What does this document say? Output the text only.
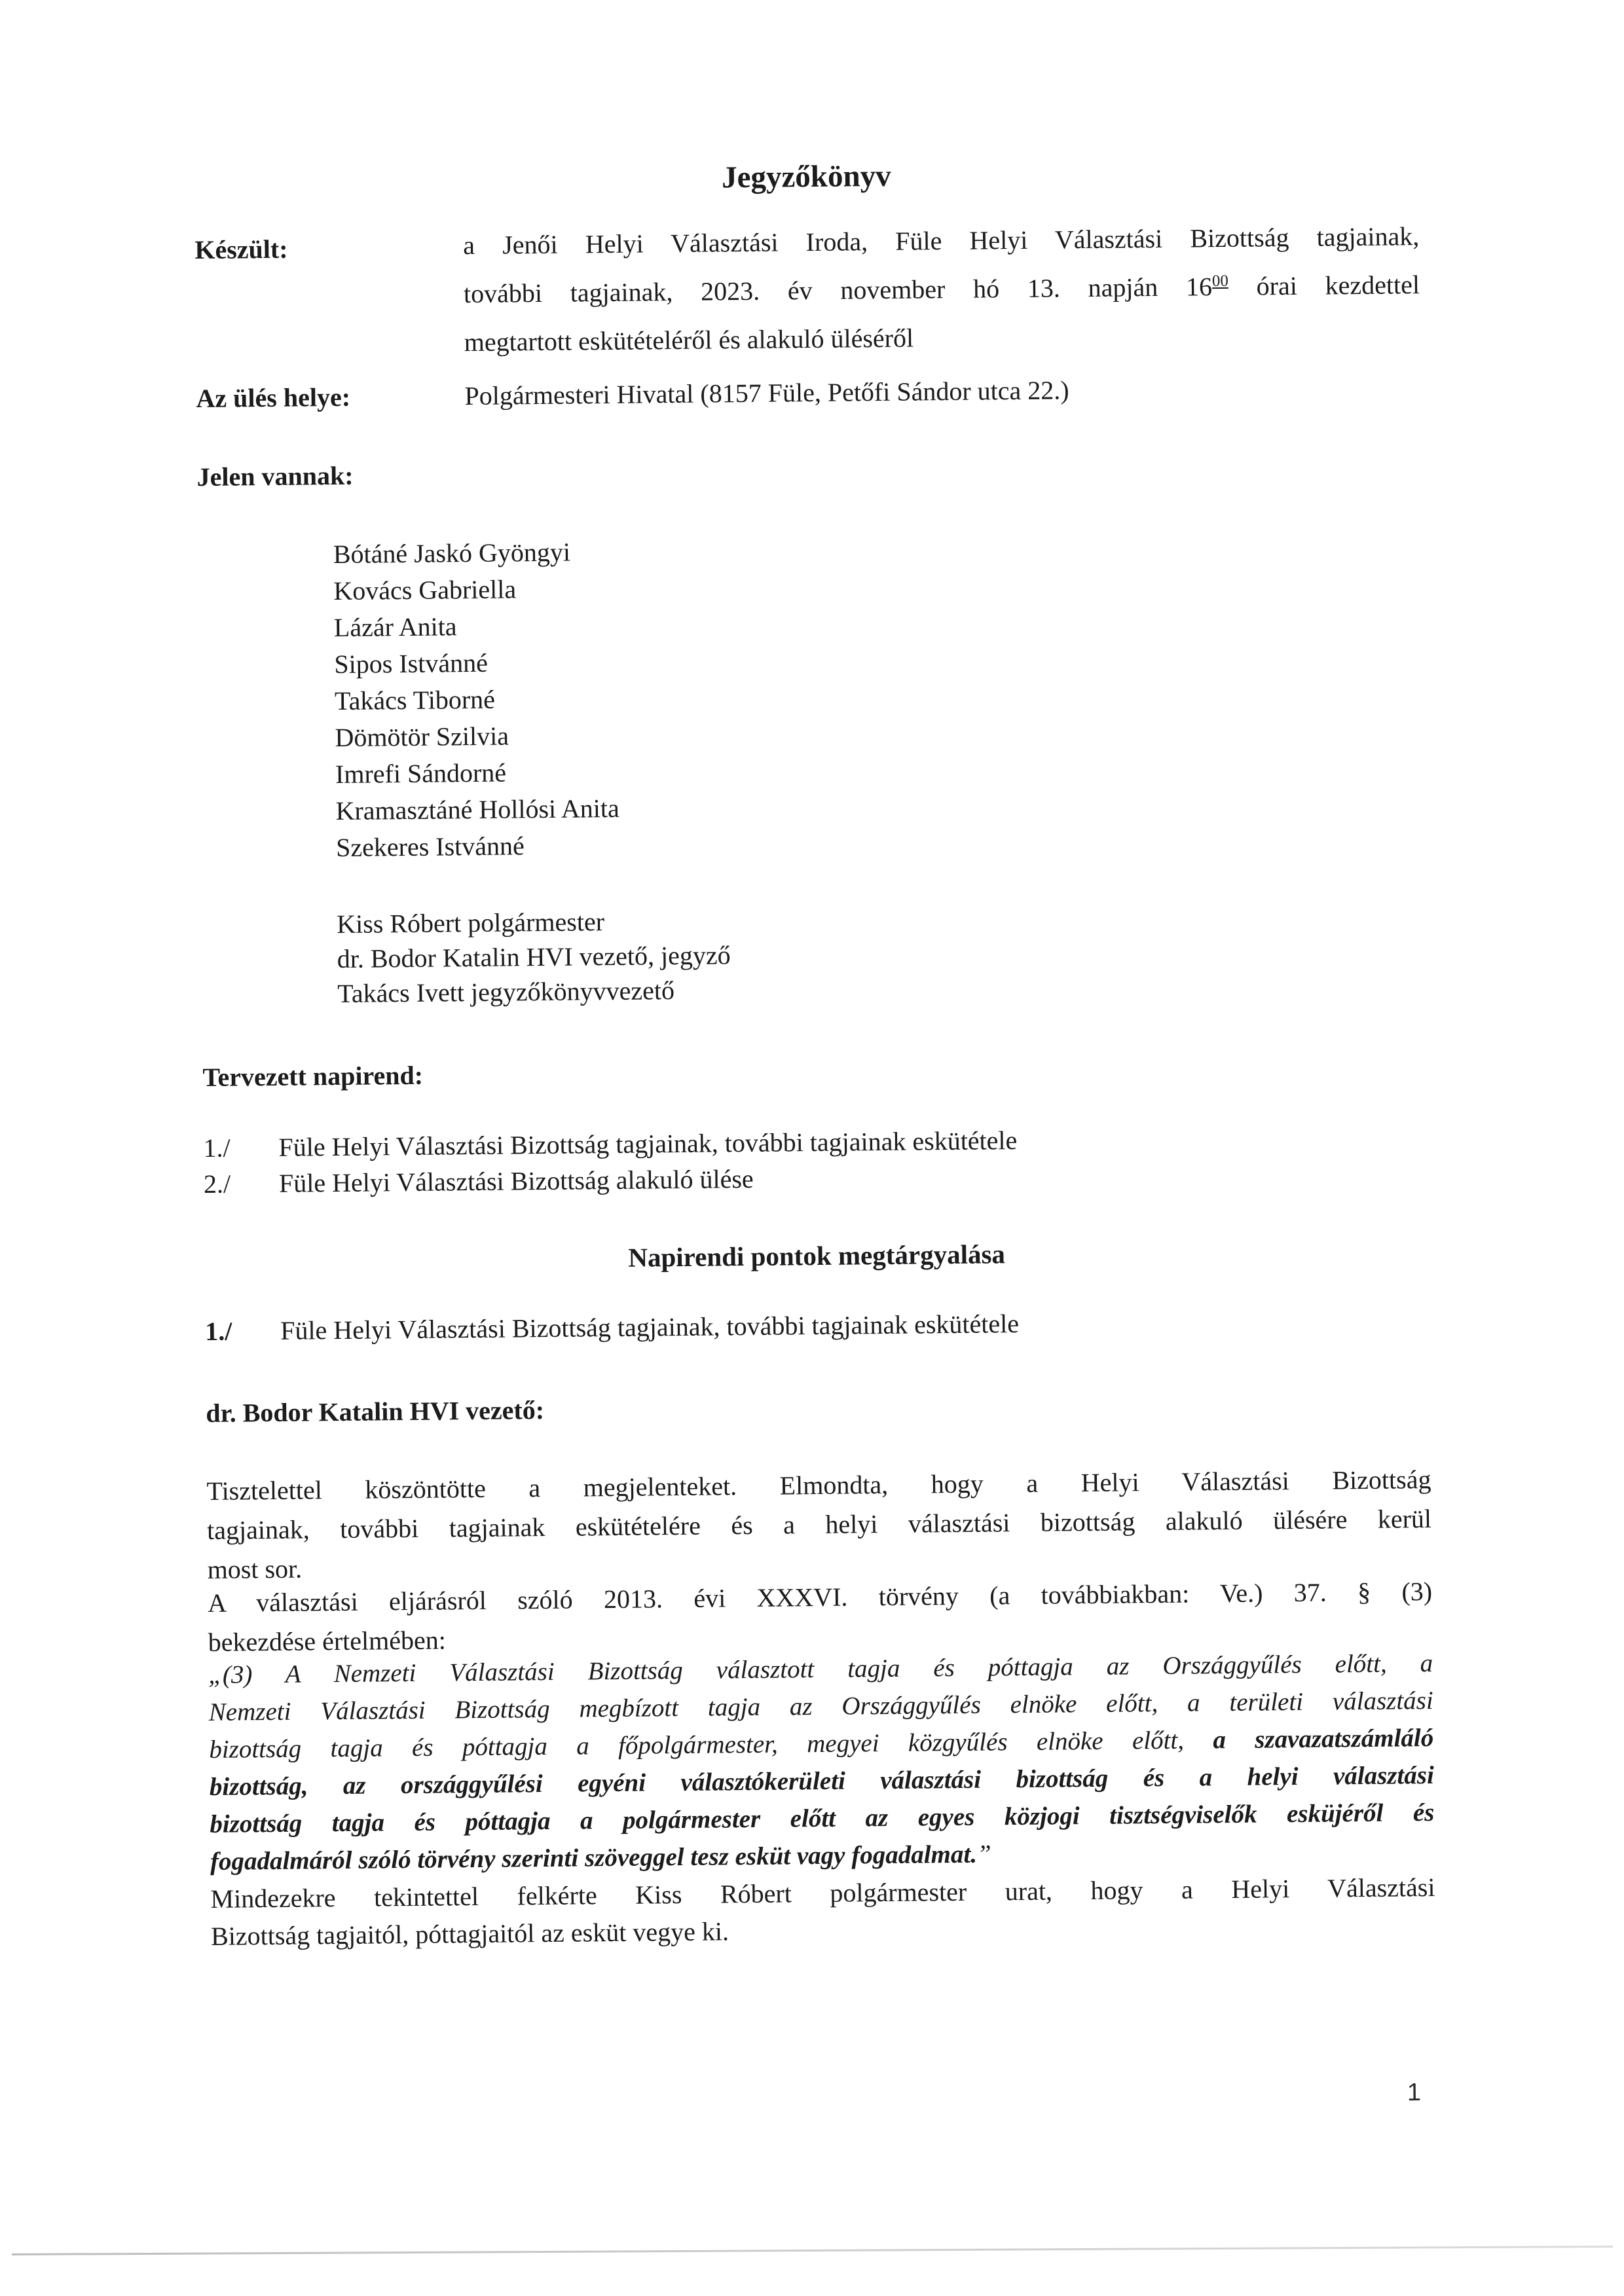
Jegyzőkönyv
Készült:	a Jenői Helyi Választási Iroda, Füle Helyi Választási Bizottság tagjainak,
további tagjainak, 2023. év november hó 13. napján $16^{00}$ órai kezdettel
megtartott eskütételéről és alakuló üléséről
Az ülés helye:	Polgármesteri Hivatal (8157 Füle, Petőfi Sándor utca 22.)
Jelen vannak:
Bótáné Jaskó Gyöngyi
Kovács Gabriella
Lázár Anita
Sipos Istvánné
Takács Tiborné
Dömötör Szilvia
Imrefi Sándorné
Kramasztáné Hollósi Anita
Szekeres Istvánné
Kiss Róbert polgármester
dr. Bodor Katalin HVI vezető, jegyző
Takács Ivett jegyzőkönyvvezető
Tervezett napirend:
1./	Füle Helyi Választási Bizottság tagjainak, további tagjainak eskütétele
2./	Füle Helyi Választási Bizottság alakuló ülése
Napirendi pontok megtárgyalása
1./	Füle Helyi Választási Bizottság tagjainak, további tagjainak eskütétele
dr. Bodor Katalin HVI vezető:
Tisztelettel köszöntötte a megjelenteket. Elmondta, hogy a Helyi Választási Bizottság
tagjainak, további tagjainak eskütételére és a helyi választási bizottság alakuló ülésére kerül
most sor.
A választási eljárásról szóló 2013. évi XXXVI. törvény (a továbbiakban: Ve.) 37. § (3)
bekezdése értelmében:
„(3) A Nemzeti Választási Bizottság választott tagja és póttagja az Országgyűlés előtt, a
Nemzeti Választási Bizottság megbízott tagja az Országgyűlés elnöke előtt, a területi választási
bizottság tagja és póttagja a főpolgármester, megyei közgyűlés elnöke előtt, a szavazatszámláló
bizottság, az országgyűlési egyéni választókerületi választási bizottság és a helyi választási
bizottság tagja és póttagja a polgármester előtt az egyes közjogi tisztségviselők esküjéről és
fogadalmáról szóló törvény szerinti szöveggel tesz esküt vagy fogadalmat.”
Mindezekre tekintettel felkérte Kiss Róbert polgármester urat, hogy a Helyi Választási
Bizottság tagjaitól, póttagjaitól az esküt vegye ki.
1
